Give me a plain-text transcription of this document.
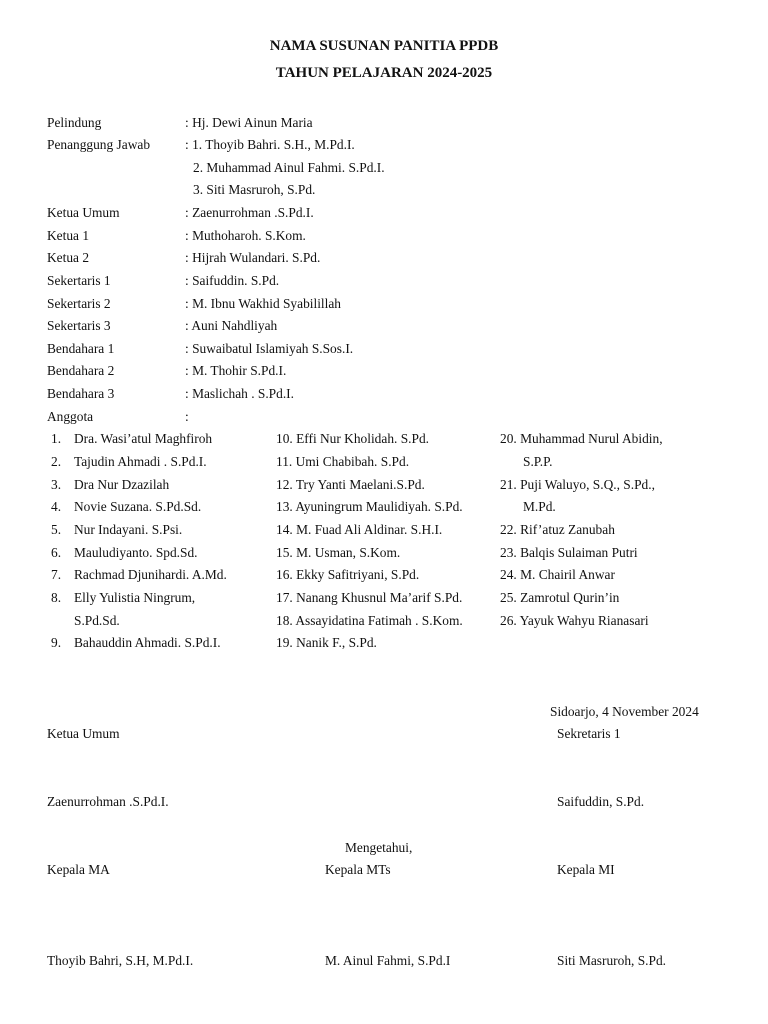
NAMA SUSUNAN PANITIA PPDB
TAHUN PELAJARAN 2024-2025
Pelindung	: Hj. Dewi Ainun Maria
Penanggung Jawab	: 1. Thoyib Bahri. S.H., M.Pd.I.
2. Muhammad Ainul Fahmi. S.Pd.I.
3. Siti Masruroh, S.Pd.
Ketua Umum	: Zaenurrohman .S.Pd.I.
Ketua 1	: Muthoharoh. S.Kom.
Ketua 2	: Hijrah Wulandari. S.Pd.
Sekertaris 1	: Saifuddin. S.Pd.
Sekertaris 2	: M. Ibnu Wakhid Syabilillah
Sekertaris 3	: Auni Nahdliyah
Bendahara 1	: Suwaibatul Islamiyah S.Sos.I.
Bendahara 2	: M. Thohir S.Pd.I.
Bendahara 3	: Maslichah . S.Pd.I.
Anggota	:
1. Dra. Wasi’atul Maghfiroh
2. Tajudin Ahmadi . S.Pd.I.
3. Dra Nur Dzazilah
4. Novie Suzana. S.Pd.Sd.
5. Nur Indayani. S.Psi.
6. Mauludiyanto. Spd.Sd.
7. Rachmad Djunihardi. A.Md.
8. Elly Yulistia Ningrum,
S.Pd.Sd.
9. Bahauddin Ahmadi. S.Pd.I.
10. Effi Nur Kholidah. S.Pd.
11. Umi Chabibah. S.Pd.
12. Try Yanti Maelani.S.Pd.
13. Ayuningrum Maulidiyah. S.Pd.
14. M. Fuad Ali Aldinar. S.H.I.
15. M. Usman, S.Kom.
16. Ekky Safitriyani, S.Pd.
17. Nanang Khusnul Ma’arif S.Pd.
18. Assayidatina Fatimah . S.Kom.
19. Nanik F., S.Pd.
20. Muhammad Nurul Abidin,
S.P.P.
21. Puji Waluyo, S.Q., S.Pd.,
M.Pd.
22. Rif’atuz Zanubah
23. Balqis Sulaiman Putri
24. M. Chairil Anwar
25. Zamrotul Qurin’in
26. Yayuk Wahyu Rianasari
Sidoarjo, 4 November 2024
Ketua Umum	Sekretaris 1
Zaenurrohman .S.Pd.I.	Saifuddin, S.Pd.
Mengetahui,
Kepala MA	Kepala MTs	Kepala MI
Thoyib Bahri, S.H, M.Pd.I.	M. Ainul Fahmi, S.Pd.I	Siti Masruroh, S.Pd.
